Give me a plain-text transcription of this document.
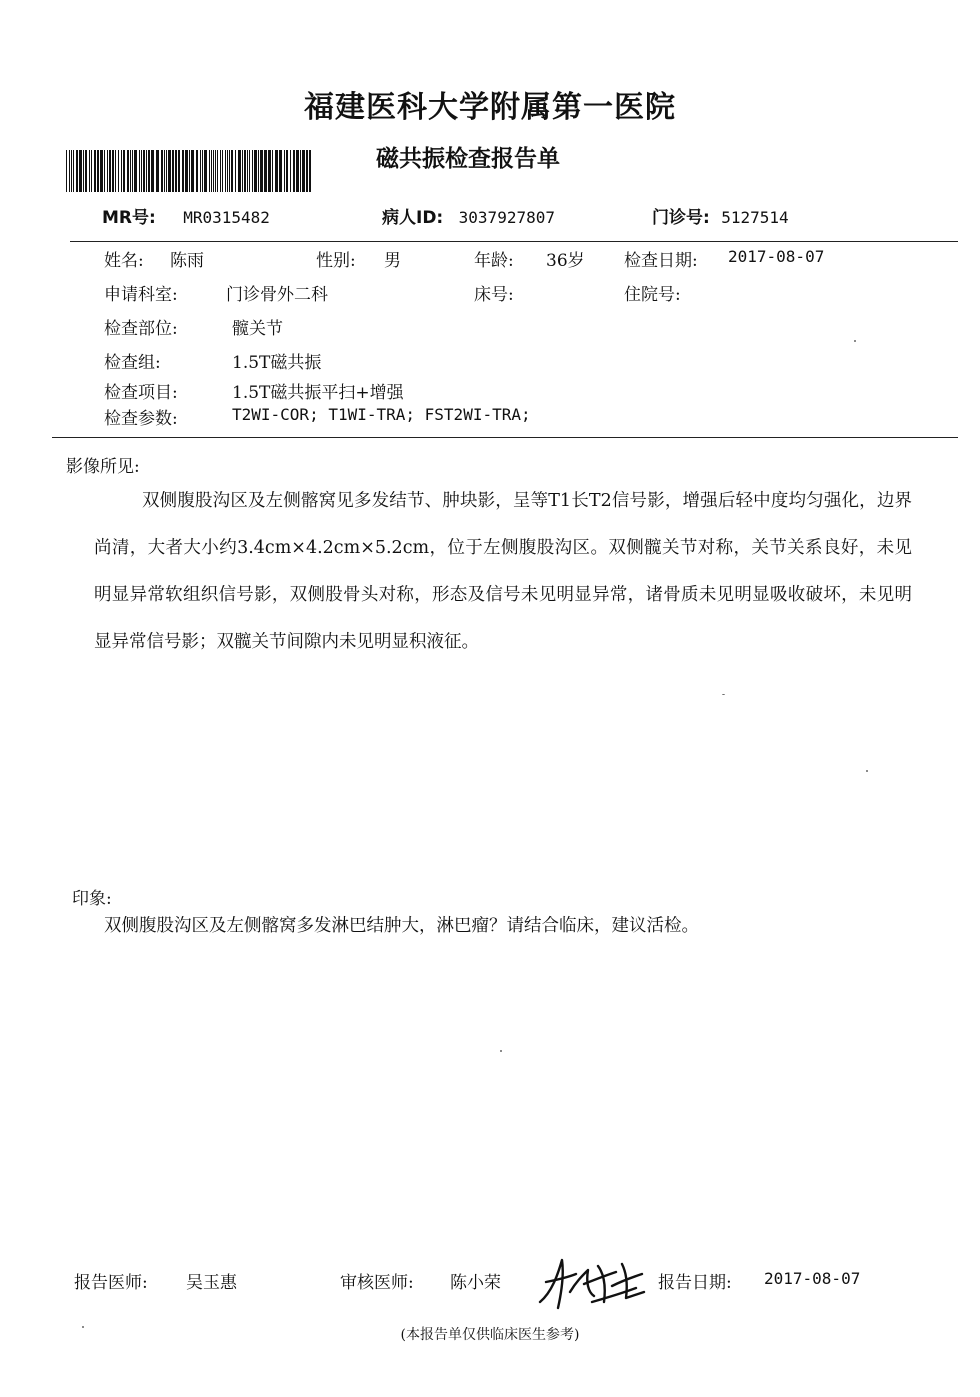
福建医科大学附属第一医院
磁共振检查报告单
MR号: MR0315482	病人ID: 3037927807	门诊号: 5127514
姓名: 陈雨	性别: 男	年龄: 36岁 检查日期: 2017-08-07
申请科室:	门诊骨外二科	床号:	住院号:
检查部位:	髋关节
检查组:	1.5T磁共振
检查项目:	1.5T磁共振平扫+增强
检查参数:	T2WI-COR; T1WI-TRA; FST2WI-TRA;
影像所见:
双侧腹股沟区及左侧髂窝见多发结节、肿块影，呈等T1长T2信号影，增强后轻中度均匀强化，边界尚清，大者大小约3.4cm×4.2cm×5.2cm，位于左侧腹股沟区。双侧髋关节对称，关节关系良好，未见明显异常软组织信号影，双侧股骨头对称，形态及信号未见明显异常，诸骨质未见明显吸收破坏，未见明显异常信号影；双髋关节间隙内未见明显积液征。
印象:
双侧腹股沟区及左侧髂窝多发淋巴结肿大，淋巴瘤？请结合临床，建议活检。
报告医师: 吴玉惠	审核医师: 陈小荣	报告日期: 2017-08-07
(本报告单仅供临床医生参考)
